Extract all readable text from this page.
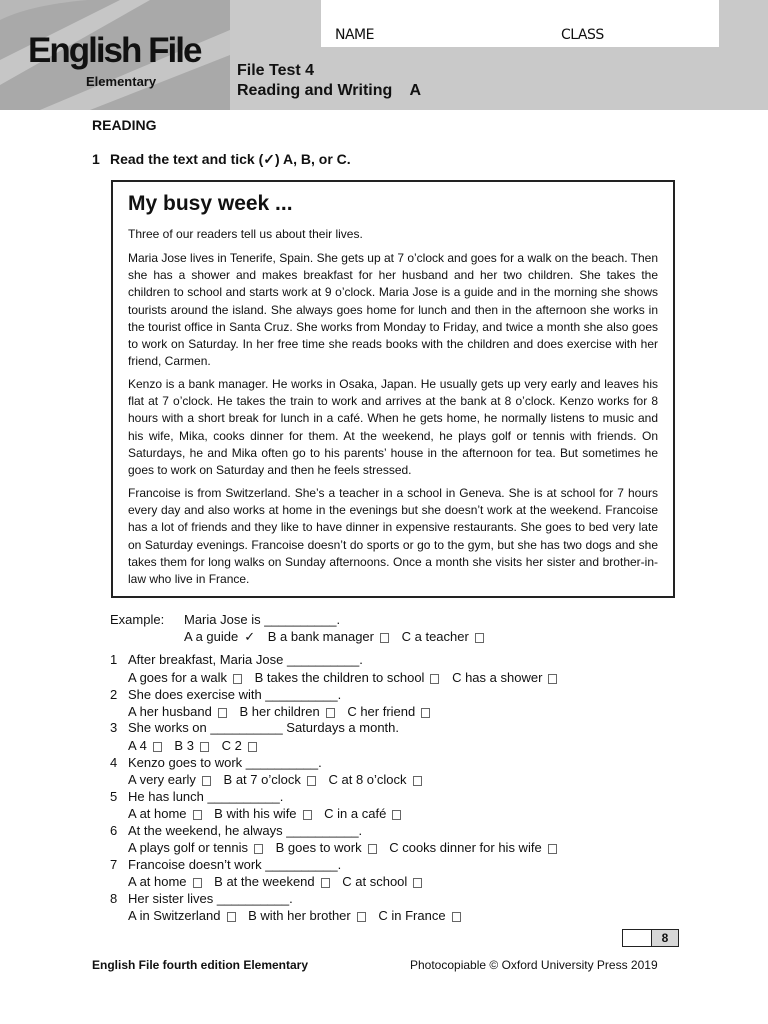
NAME	CLASS
English File
Elementary
File Test 4
Reading and Writing    A
READING
1 Read the text and tick (✓) A, B, or C.
My busy week ...
Three of our readers tell us about their lives.

Maria Jose lives in Tenerife, Spain. She gets up at 7 o’clock and goes for a walk on the beach. Then she has a shower and makes breakfast for her husband and her two children. She takes the children to school and starts work at 9 o’clock. Maria Jose is a guide and in the morning she shows tourists around the island. She always goes home for lunch and then in the afternoon she works in the tourist office in Santa Cruz. She works from Monday to Friday, and twice a month she also goes to work on Saturday. In her free time she reads books with the children and does exercise with her friend, Carmen.

Kenzo is a bank manager. He works in Osaka, Japan. He usually gets up very early and leaves his flat at 7 o’clock. He takes the train to work and arrives at the bank at 8 o’clock. Kenzo works for 8 hours with a short break for lunch in a café. When he gets home, he normally listens to music and his wife, Mika, cooks dinner for them. At the weekend, he plays golf or tennis with friends. On Saturdays, he and Mika often go to his parents’ house in the afternoon for tea. But sometimes he goes to work on Saturday and then he feels stressed.

Francoise is from Switzerland. She’s a teacher in a school in Geneva. She is at school for 7 hours every day and also works at home in the evenings but she doesn’t work at the weekend. Francoise has a lot of friends and they like to have dinner in expensive restaurants. She goes to bed very late on Saturday evenings. Francoise doesn’t do sports or go to the gym, but she has two dogs and she takes them for long walks on Sunday afternoons. Once a month she visits her sister and brother-in-law who live in France.

Example: Maria Jose is __________.
A a guide ✓ B a bank manager C a teacher
1 After breakfast, Maria Jose __________.
A goes for a walk B takes the children to school C has a shower
2 She does exercise with __________.
A her husband B her children C her friend
3 She works on __________ Saturdays a month.
A 4 B 3 C 2
4 Kenzo goes to work __________.
A very early B at 7 o’clock C at 8 o’clock
5 He has lunch __________.
A at home B with his wife C in a café
6 At the weekend, he always __________.
A plays golf or tennis B goes to work C cooks dinner for his wife
7 Francoise doesn’t work __________.
A at home B at the weekend C at school
8 Her sister lives __________.
A in Switzerland B with her brother C in France
8
English File fourth edition Elementary	Photocopiable © Oxford University Press 2019
